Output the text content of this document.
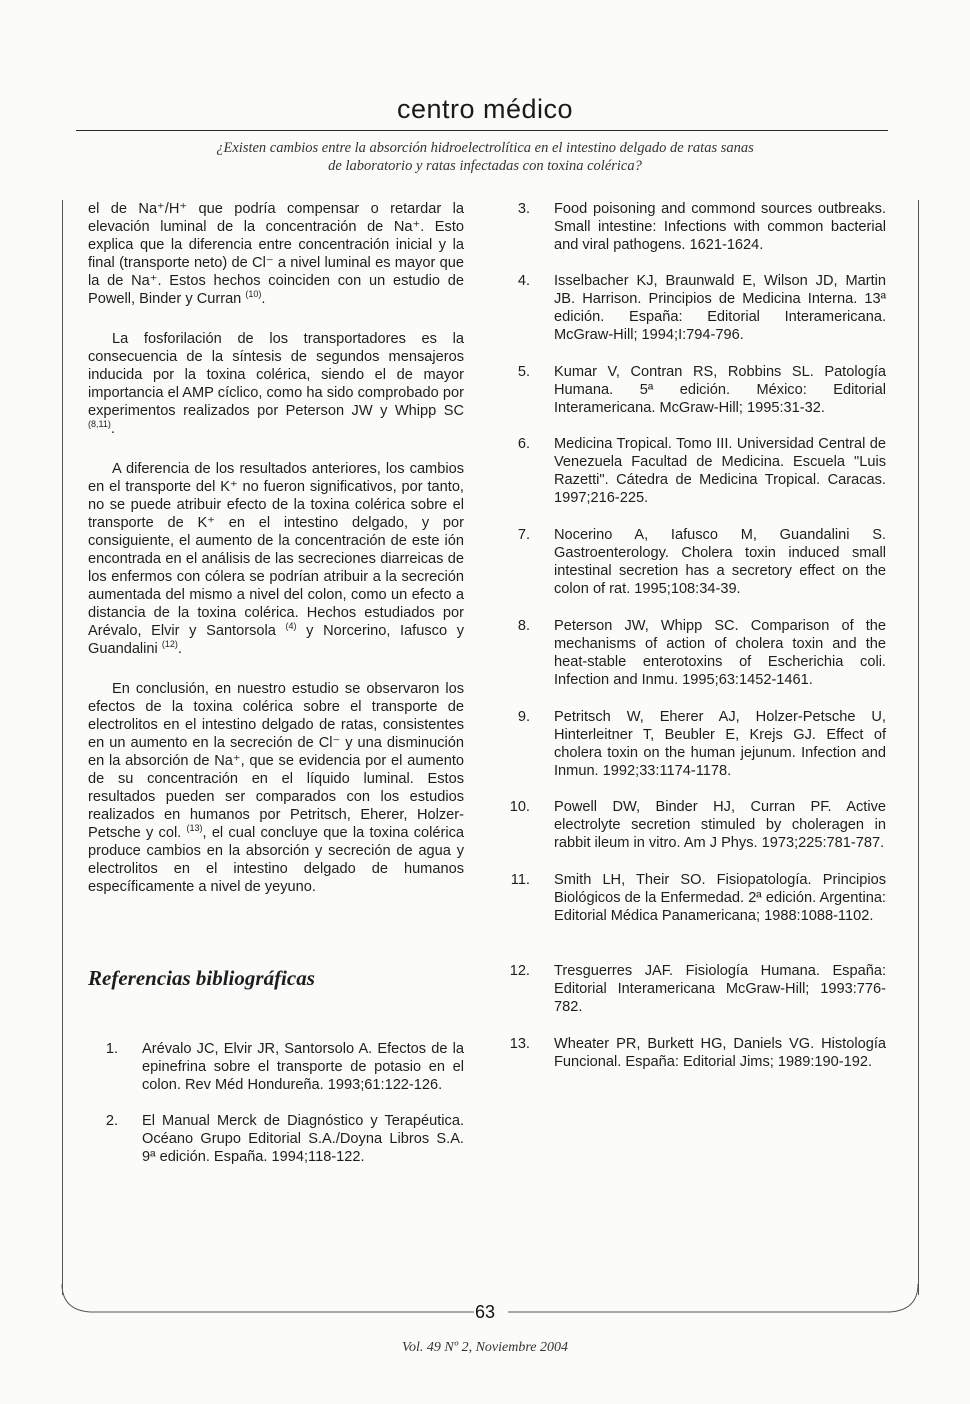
centro médico
¿Existen cambios entre la absorción hidroelectrolítica en el intestino delgado de ratas sanas
de laboratorio y ratas infectadas con toxina colérica?

el de Na⁺/H⁺ que podría compensar o retardar la elevación luminal de la concentración de Na⁺. Esto explica que la diferencia entre concentración inicial y la final (transporte neto) de Cl⁻ a nivel luminal es mayor que la de Na⁺. Estos hechos coinciden con un estudio de Powell, Binder y Curran $^{(10)}$.

La fosforilación de los transportadores es la consecuencia de la síntesis de segundos mensajeros inducida por la toxina colérica, siendo el de mayor importancia el AMP cíclico, como ha sido comprobado por experimentos realizados por Peterson JW y Whipp SC $^{(8,11)}$.

A diferencia de los resultados anteriores, los cambios en el transporte del K⁺ no fueron significativos, por tanto, no se puede atribuir efecto de la toxina colérica sobre el transporte de K⁺ en el intestino delgado, y por consiguiente, el aumento de la concentración de este ión encontrada en el análisis de las secreciones diarreicas de los enfermos con cólera se podrían atribuir a la secreción aumentada del mismo a nivel del colon, como un efecto a distancia de la toxina colérica. Hechos estudiados por Arévalo, Elvir y Santorsola $^{(4)}$ y Norcerino, Iafusco y Guandalini $^{(12)}$.

En conclusión, en nuestro estudio se observaron los efectos de la toxina colérica sobre el transporte de electrolitos en el intestino delgado de ratas, consistentes en un aumento en la secreción de Cl⁻ y una disminución en la absorción de Na⁺, que se evidencia por el aumento de su concentración en el líquido luminal. Estos resultados pueden ser comparados con los estudios realizados en humanos por Petritsch, Eherer, Holzer-Petsche y col. $^{(13)}$, el cual concluye que la toxina colérica produce cambios en la absorción y secreción de agua y electrolitos en el intestino delgado de humanos específicamente a nivel de yeyuno.

Referencias bibliográficas
1. Arévalo JC, Elvir JR, Santorsolo A. Efectos de la epinefrina sobre el transporte de potasio en el colon. Rev Méd Hondureña. 1993;61:122-126.
2. El Manual Merck de Diagnóstico y Terapéutica. Océano Grupo Editorial S.A./Doyna Libros S.A. 9ª edición. España. 1994;118-122.
3. Food poisoning and commond sources outbreaks. Small intestine: Infections with common bacterial and viral pathogens. 1621-1624.
4. Isselbacher KJ, Braunwald E, Wilson JD, Martin JB. Harrison. Principios de Medicina Interna. 13ª edición. España: Editorial Interamericana. McGraw-Hill; 1994;I:794-796.
5. Kumar V, Contran RS, Robbins SL. Patología Humana. 5ª edición. México: Editorial Interamericana. McGraw-Hill; 1995:31-32.
6. Medicina Tropical. Tomo III. Universidad Central de Venezuela Facultad de Medicina. Escuela "Luis Razetti". Cátedra de Medicina Tropical. Caracas. 1997;216-225.
7. Nocerino A, Iafusco M, Guandalini S. Gastroenterology. Cholera toxin induced small intestinal secretion has a secretory effect on the colon of rat. 1995;108:34-39.
8. Peterson JW, Whipp SC. Comparison of the mechanisms of action of cholera toxin and the heat-stable enterotoxins of Escherichia coli. Infection and Inmu. 1995;63:1452-1461.
9. Petritsch W, Eherer AJ, Holzer-Petsche U, Hinterleitner T, Beubler E, Krejs GJ. Effect of cholera toxin on the human jejunum. Infection and Inmun. 1992;33:1174-1178.
10. Powell DW, Binder HJ, Curran PF. Active electrolyte secretion stimuled by choleragen in rabbit ileum in vitro. Am J Phys. 1973;225:781-787.
11. Smith LH, Their SO. Fisiopatología. Principios Biológicos de la Enfermedad. 2ª edición. Argentina: Editorial Médica Panamericana; 1988:1088-1102.
12. Tresguerres JAF. Fisiología Humana. España: Editorial Interamericana McGraw-Hill; 1993:776-782.
13. Wheater PR, Burkett HG, Daniels VG. Histología Funcional. España: Editorial Jims; 1989:190-192.
63
Vol. 49 Nº 2, Noviembre 2004
